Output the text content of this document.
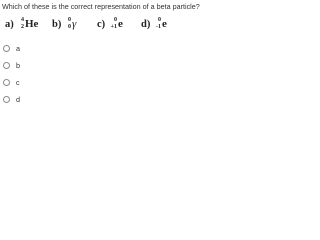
Which of these is the correct representation of a beta particle?
a)	4
2 He b)	0
0 γ c)	0
+1 e d)	0
-1 e
a
b
c
d
